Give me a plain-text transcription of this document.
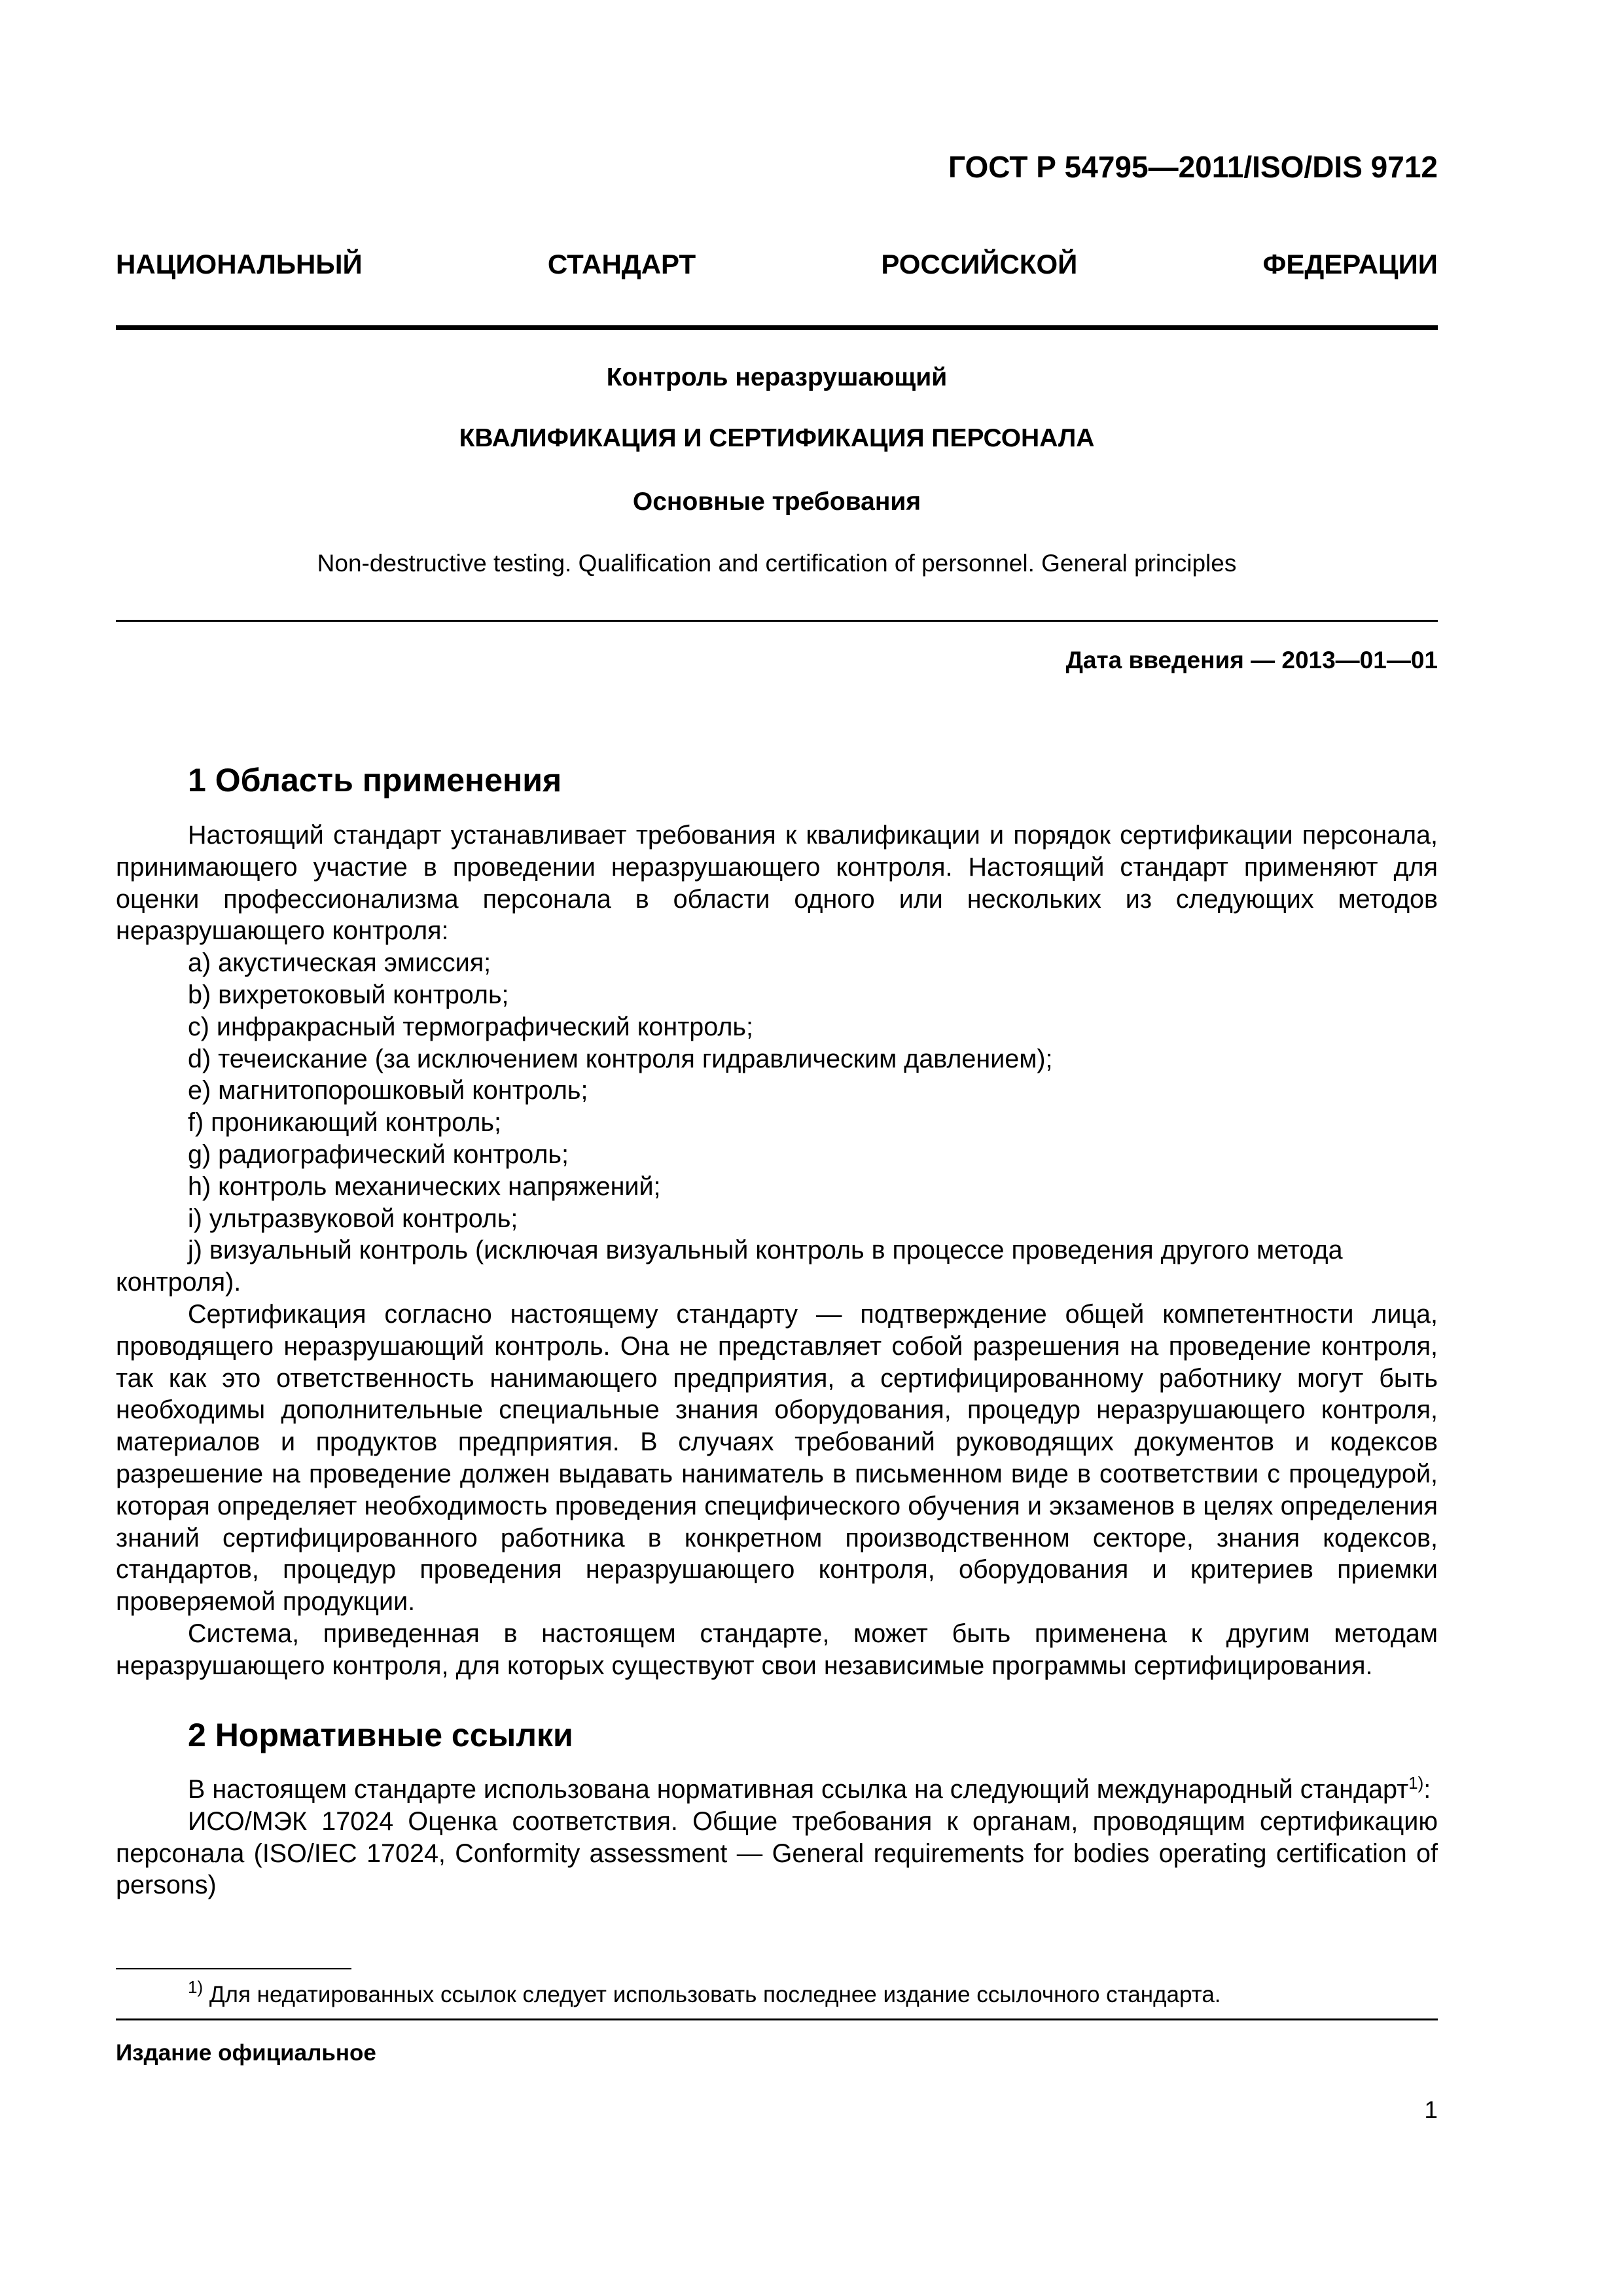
ГОСТ Р 54795—2011/ISO/DIS 9712
НАЦИОНАЛЬНЫЙ	СТАНДАРТ	РОССИЙСКОЙ	ФЕДЕРАЦИИ
Контроль неразрушающий
КВАЛИФИКАЦИЯ И СЕРТИФИКАЦИЯ ПЕРСОНАЛА
Основные требования
Non-destructive testing. Qualification and certification of personnel. General principles
Дата введения — 2013—01—01
1 Область применения

Настоящий стандарт устанавливает требования к квалификации и порядок сертификации персонала, принимающего участие в проведении неразрушающего контроля. Настоящий стандарт применяют для оценки профессионализма персонала в области одного или нескольких из следующих методов неразрушающего контроля:

a) акустическая эмиссия;
b) вихретоковый контроль;
c) инфракрасный термографический контроль;
d) течеискание (за исключением контроля гидравлическим давлением);
e) магнитопорошковый контроль;
f) проникающий контроль;
g) радиографический контроль;
h) контроль механических напряжений;
i) ультразвуковой контроль;
j) визуальный контроль (исключая визуальный контроль в процессе проведения другого метода
контроля).

Сертификация согласно настоящему стандарту — подтверждение общей компетентности лица, проводящего неразрушающий контроль. Она не представляет собой разрешения на проведение контроля, так как это ответственность нанимающего предприятия, а сертифицированному работнику могут быть необходимы дополнительные специальные знания оборудования, процедур неразрушающего контроля, материалов и продуктов предприятия. В случаях требований руководящих документов и кодексов разрешение на проведение должен выдавать наниматель в письменном виде в соответствии с процедурой, которая определяет необходимость проведения специфического обучения и экзаменов в целях определения знаний сертифицированного работника в конкретном производственном секторе, знания кодексов, стандартов, процедур проведения неразрушающего контроля, оборудования и критериев приемки проверяемой продукции.

Система, приведенная в настоящем стандарте, может быть применена к другим методам неразрушающего контроля, для которых существуют свои независимые программы сертифицирования.

2 Нормативные ссылки

В настоящем стандарте использована нормативная ссылка на следующий международный стандарт$^{1)}$:

ИСО/МЭК 17024 Оценка соответствия. Общие требования к органам, проводящим сертификацию персонала (ISO/IEC 17024, Conformity assessment — General requirements for bodies operating certification of persons)

$^{1)}$ Для недатированных ссылок следует использовать последнее издание ссылочного стандарта.
Издание официальное
1
